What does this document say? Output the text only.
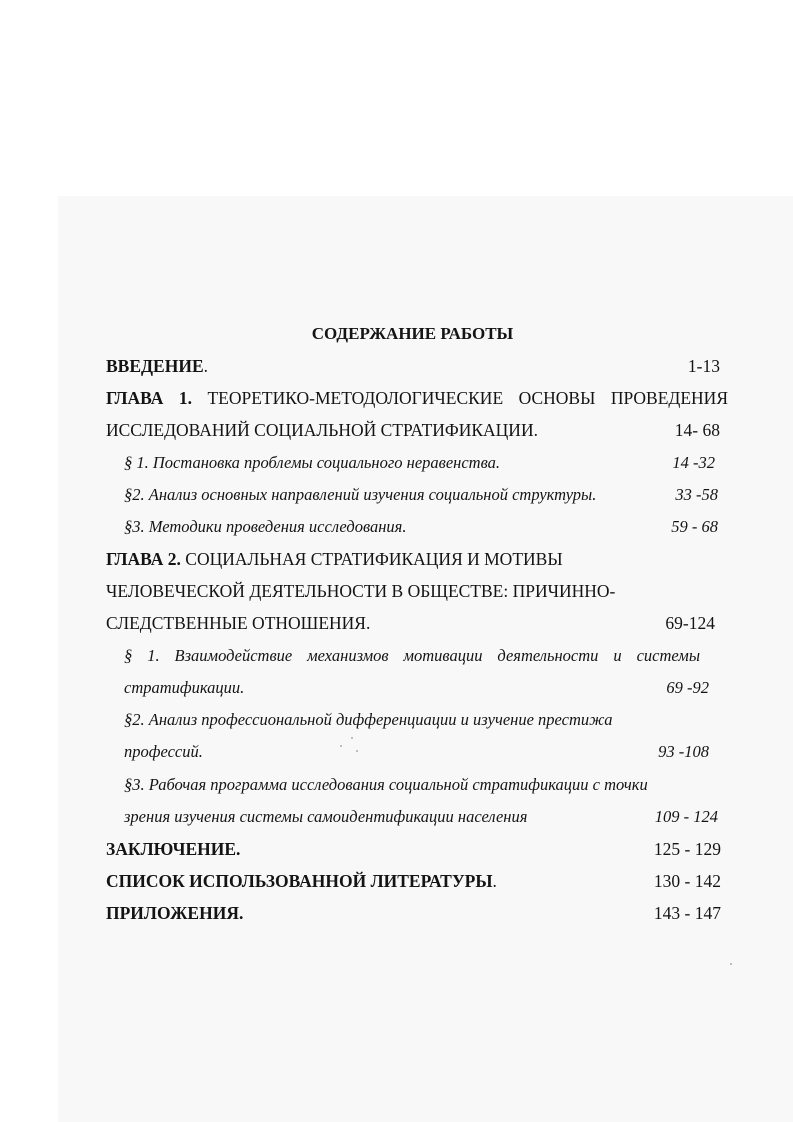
СОДЕРЖАНИЕ РАБОТЫ
ВВЕДЕНИЕ.	1-13
ГЛАВА 1. ТЕОРЕТИКО-МЕТОДОЛОГИЧЕСКИЕ ОСНОВЫ ПРОВЕДЕНИЯ
ИССЛЕДОВАНИЙ СОЦИАЛЬНОЙ СТРАТИФИКАЦИИ.	14- 68
§ 1. Постановка проблемы социального неравенства.	14 -32
§2. Анализ основных направлений изучения социальной структуры.	33 -58
§3. Методики проведения исследования.	59 - 68
ГЛАВА 2. СОЦИАЛЬНАЯ СТРАТИФИКАЦИЯ И МОТИВЫ
ЧЕЛОВЕЧЕСКОЙ ДЕЯТЕЛЬНОСТИ В ОБЩЕСТВЕ: ПРИЧИННО-
СЛЕДСТВЕННЫЕ ОТНОШЕНИЯ.	69-124
§ 1. Взаимодействие механизмов мотивации деятельности и системы
стратификации.	69 -92
§2. Анализ профессиональной дифференциации и изучение престижа
профессий.	93 -108
§3. Рабочая программа исследования социальной стратификации с точки
зрения изучения системы самоидентификации населения	109 - 124
ЗАКЛЮЧЕНИЕ.	125 - 129
СПИСОК ИСПОЛЬЗОВАННОЙ ЛИТЕРАТУРЫ.	130 - 142
ПРИЛОЖЕНИЯ.	143 - 147
